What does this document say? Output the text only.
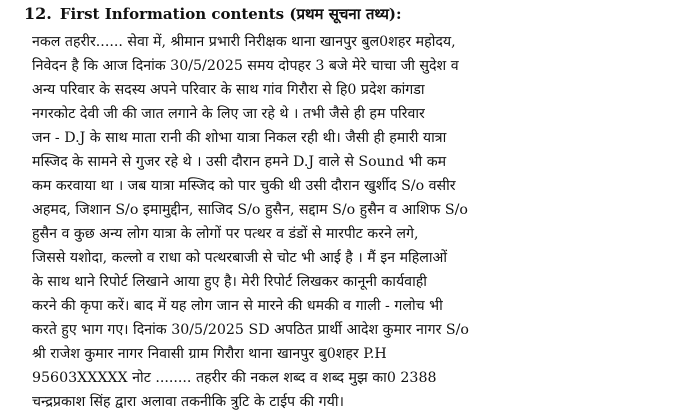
12. First Information contents (प्रथम सूचना तथ्य):
नकल तहरीर...... सेवा में, श्रीमान प्रभारी निरीक्षक थाना खानपुर बुल0शहर महोदय,
निवेदन है कि आज दिनांक 30/5/2025 समय दोपहर 3 बजे मेरे चाचा जी सुदेश व
अन्य परिवार के सदस्य अपने परिवार के साथ गांव गिरौरा से हि0 प्रदेश कांगडा
नगरकोट देवी जी की जात लगाने के लिए जा रहे थे । तभी जैसे ही हम परिवार
जन - D.J के साथ माता रानी की शोभा यात्रा निकल रही थी। जैसी ही हमारी यात्रा
मस्जिद के सामने से गुजर रहे थे । उसी दौरान हमने D.J वाले से Sound भी कम
कम करवाया था । जब यात्रा मस्जिद को पार चुकी थी उसी दौरान खुर्शीद S/o वसीर
अहमद, जिशान S/o इमामुद्दीन, साजिद S/o हुसैन, सद्दाम S/o हुसैन व आशिफ S/o
हुसैन व कुछ अन्य लोग यात्रा के लोगों पर पत्थर व डंडों से मारपीट करने लगे,
जिससे यशोदा, कल्लो व राधा को पत्थरबाजी से चोट भी आई है । मैं इन महिलाओं
के साथ थाने रिपोर्ट लिखाने आया हुए है। मेरी रिपोर्ट लिखकर कानूनी कार्यवाही
करने की कृपा करें। बाद में यह लोग जान से मारने की धमकी व गाली - गलोच भी
करते हुए भाग गए। दिनांक 30/5/2025 SD अपठित प्रार्थी आदेश कुमार नागर S/o
श्री राजेश कुमार नागर निवासी ग्राम गिरौरा थाना खानपुर बु0शहर P.H
95603XXXXX नोट ........ तहरीर की नकल शब्द व शब्द मुझ का0 2388
चन्द्रप्रकाश सिंह द्वारा अलावा तकनीकि त्रुटि के टाईप की गयी।
